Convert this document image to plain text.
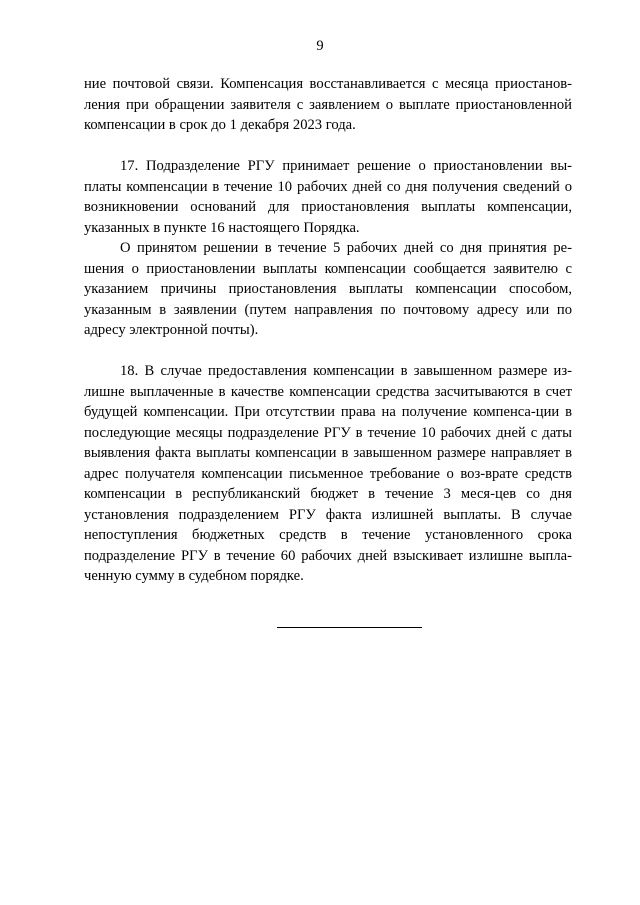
9

ние почтовой связи. Компенсация восстанавливается с месяца приостанов-ления при обращении заявителя с заявлением о выплате приостановленной компенсации в срок до 1 декабря 2023 года.

17. Подразделение РГУ принимает решение о приостановлении вы-платы компенсации в течение 10 рабочих дней со дня получения сведений о возникновении оснований для приостановления выплаты компенсации, указанных в пункте 16 настоящего Порядка.

О принятом решении в течение 5 рабочих дней со дня принятия ре-шения о приостановлении выплаты компенсации сообщается заявителю с указанием причины приостановления выплаты компенсации способом, указанным в заявлении (путем направления по почтовому адресу или по адресу электронной почты).

18. В случае предоставления компенсации в завышенном размере из-лишне выплаченные в качестве компенсации средства засчитываются в счет будущей компенсации. При отсутствии права на получение компенса-ции в последующие месяцы подразделение РГУ в течение 10 рабочих дней с даты выявления факта выплаты компенсации в завышенном размере направляет в адрес получателя компенсации письменное требование о воз-врате средств компенсации в республиканский бюджет в течение 3 меся-цев со дня установления подразделением РГУ факта излишней выплаты. В случае непоступления бюджетных средств в течение установленного срока подразделение РГУ в течение 60 рабочих дней взыскивает излишне выпла-ченную сумму в судебном порядке.
